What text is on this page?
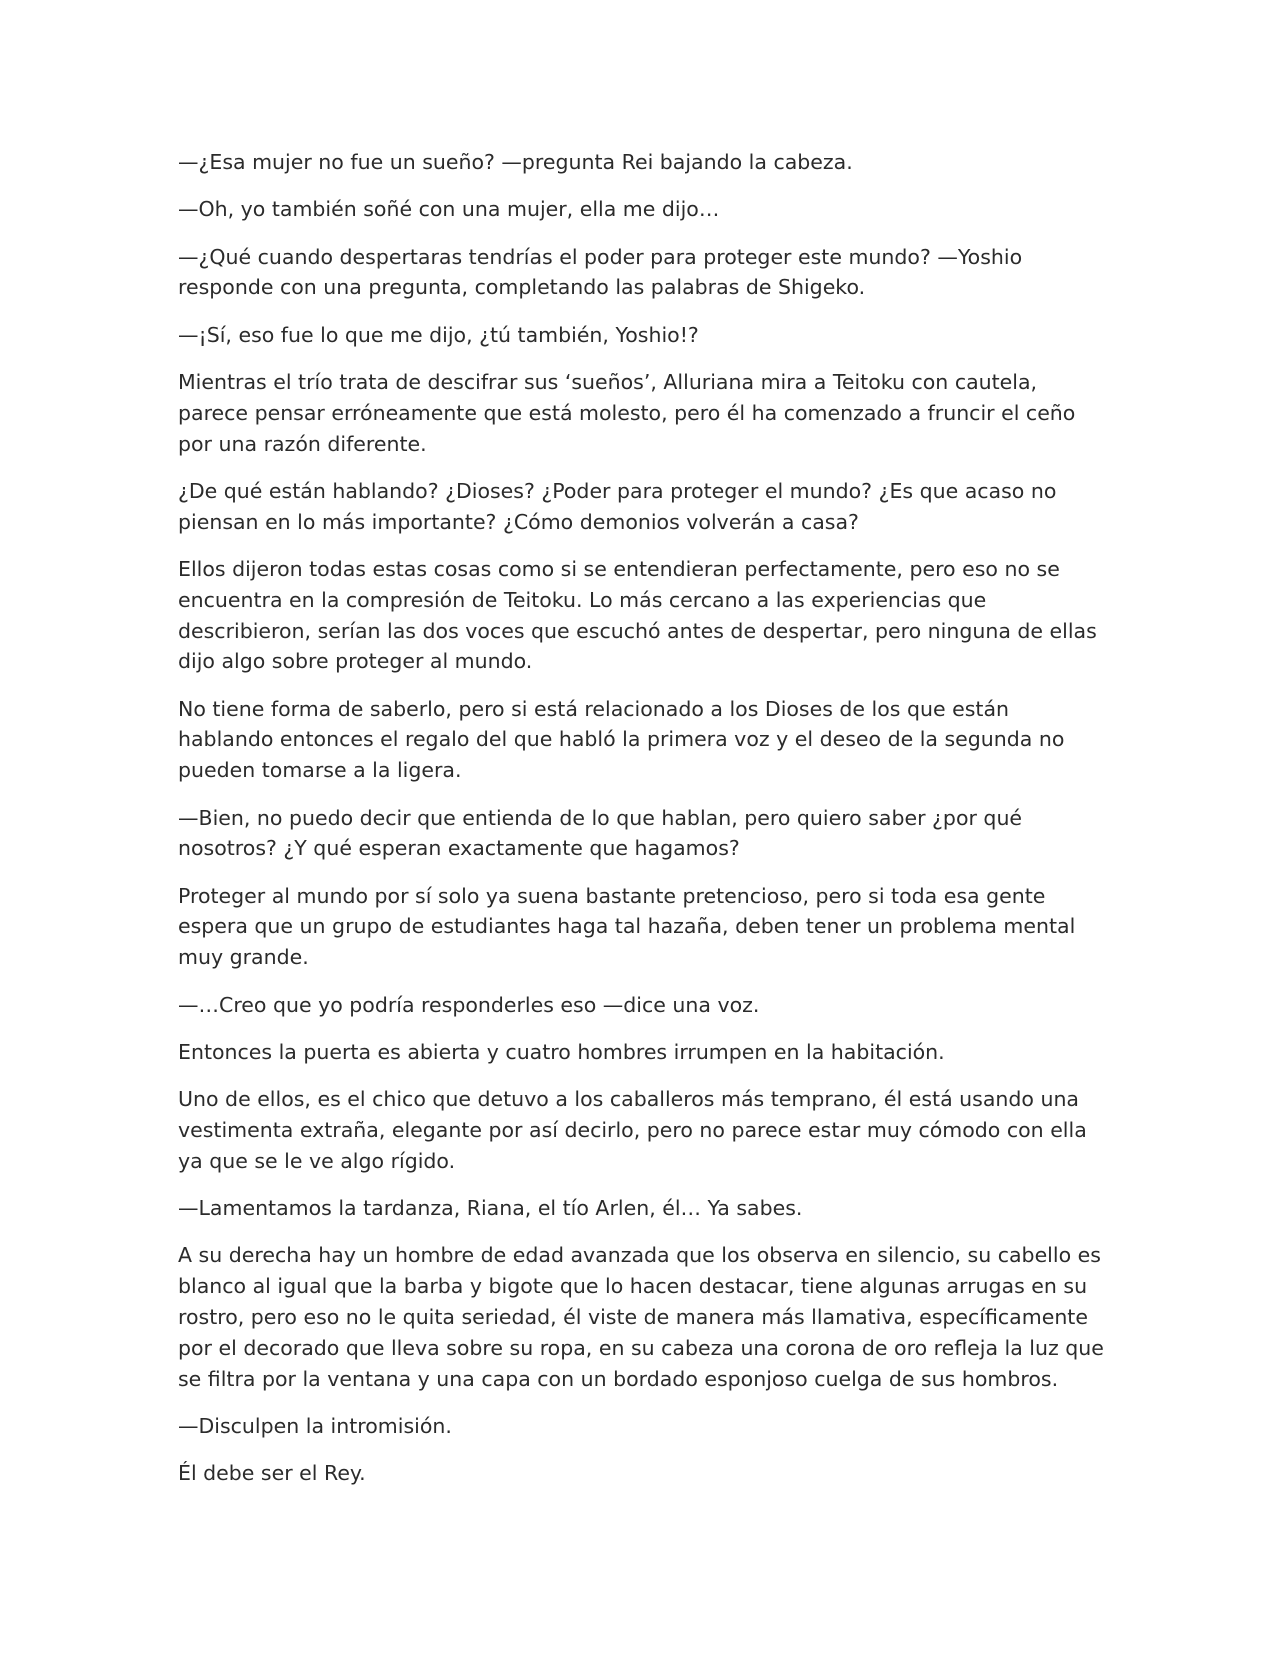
—¿Esa mujer no fue un sueño? —pregunta Rei bajando la cabeza.

—Oh, yo también soñé con una mujer, ella me dijo…

—¿Qué cuando despertaras tendrías el poder para proteger este mundo? —Yoshio responde con una pregunta, completando las palabras de Shigeko.

—¡Sí, eso fue lo que me dijo, ¿tú también, Yoshio!?

Mientras el trío trata de descifrar sus ‘sueños’, Alluriana mira a Teitoku con cautela, parece pensar erróneamente que está molesto, pero él ha comenzado a fruncir el ceño por una razón diferente.

¿De qué están hablando? ¿Dioses? ¿Poder para proteger el mundo? ¿Es que acaso no piensan en lo más importante? ¿Cómo demonios volverán a casa?

Ellos dijeron todas estas cosas como si se entendieran perfectamente, pero eso no se encuentra en la compresión de Teitoku. Lo más cercano a las experiencias que describieron, serían las dos voces que escuchó antes de despertar, pero ninguna de ellas dijo algo sobre proteger al mundo.

No tiene forma de saberlo, pero si está relacionado a los Dioses de los que están hablando entonces el regalo del que habló la primera voz y el deseo de la segunda no pueden tomarse a la ligera.

—Bien, no puedo decir que entienda de lo que hablan, pero quiero saber ¿por qué nosotros? ¿Y qué esperan exactamente que hagamos?

Proteger al mundo por sí solo ya suena bastante pretencioso, pero si toda esa gente espera que un grupo de estudiantes haga tal hazaña, deben tener un problema mental muy grande.

—…Creo que yo podría responderles eso —dice una voz.

Entonces la puerta es abierta y cuatro hombres irrumpen en la habitación.

Uno de ellos, es el chico que detuvo a los caballeros más temprano, él está usando una vestimenta extraña, elegante por así decirlo, pero no parece estar muy cómodo con ella ya que se le ve algo rígido.

—Lamentamos la tardanza, Riana, el tío Arlen, él… Ya sabes.

A su derecha hay un hombre de edad avanzada que los observa en silencio, su cabello es blanco al igual que la barba y bigote que lo hacen destacar, tiene algunas arrugas en su rostro, pero eso no le quita seriedad, él viste de manera más llamativa, específicamente por el decorado que lleva sobre su ropa, en su cabeza una corona de oro refleja la luz que se filtra por la ventana y una capa con un bordado esponjoso cuelga de sus hombros.

—Disculpen la intromisión.

Él debe ser el Rey.
